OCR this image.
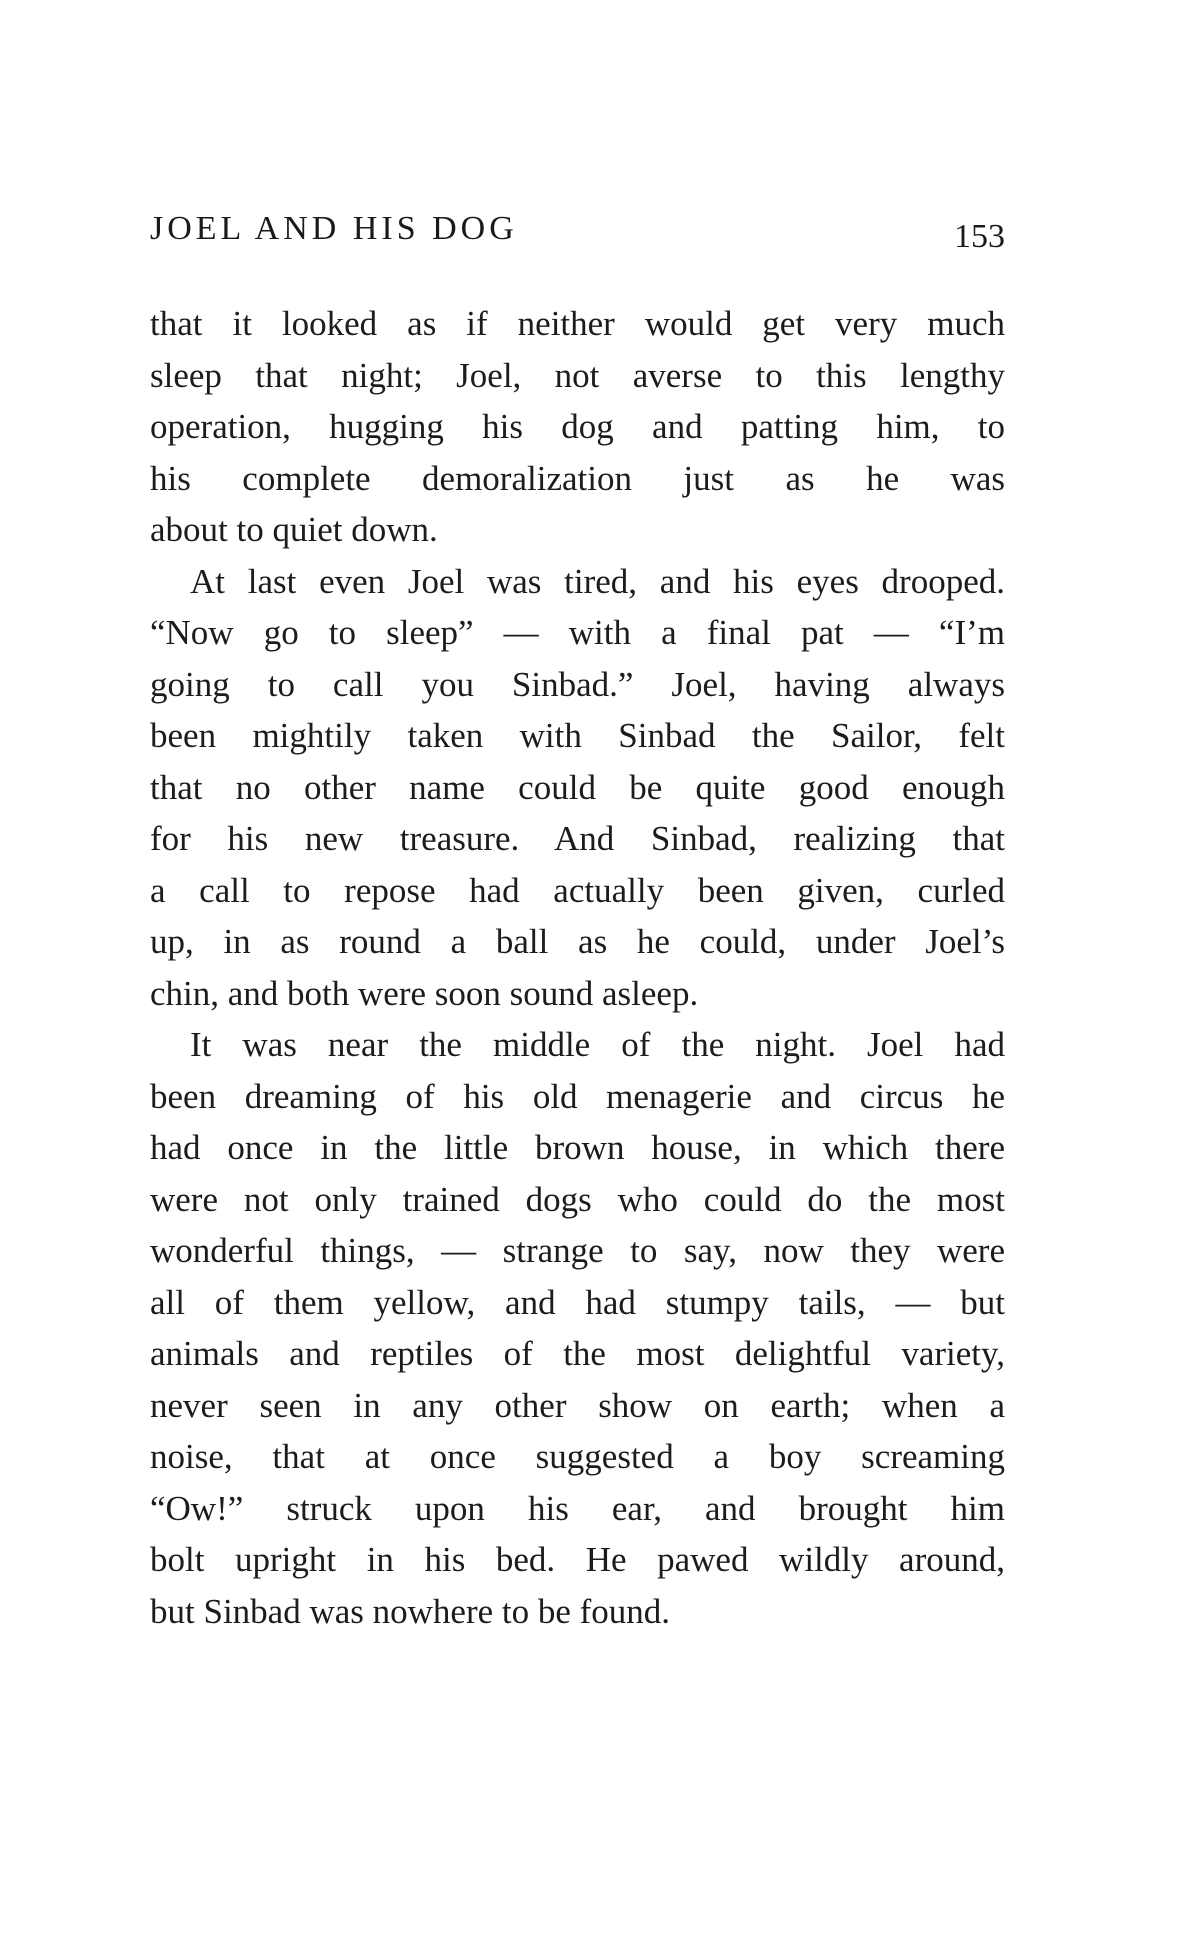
JOEL AND HIS DOG	153
that it looked as if neither would get very much
sleep that night; Joel, not averse to this lengthy
operation, hugging his dog and patting him, to
his complete demoralization just as he was
about to quiet down.
At last even Joel was tired, and his eyes drooped.
“Now go to sleep” — with a final pat — “I’m
going to call you Sinbad.” Joel, having always
been mightily taken with Sinbad the Sailor, felt
that no other name could be quite good enough
for his new treasure. And Sinbad, realizing that
a call to repose had actually been given, curled
up, in as round a ball as he could, under Joel’s
chin, and both were soon sound asleep.
It was near the middle of the night. Joel had
been dreaming of his old menagerie and circus he
had once in the little brown house, in which there
were not only trained dogs who could do the most
wonderful things, — strange to say, now they were
all of them yellow, and had stumpy tails, — but
animals and reptiles of the most delightful variety,
never seen in any other show on earth; when a
noise, that at once suggested a boy screaming
“Ow!” struck upon his ear, and brought him
bolt upright in his bed. He pawed wildly around,
but Sinbad was nowhere to be found.
